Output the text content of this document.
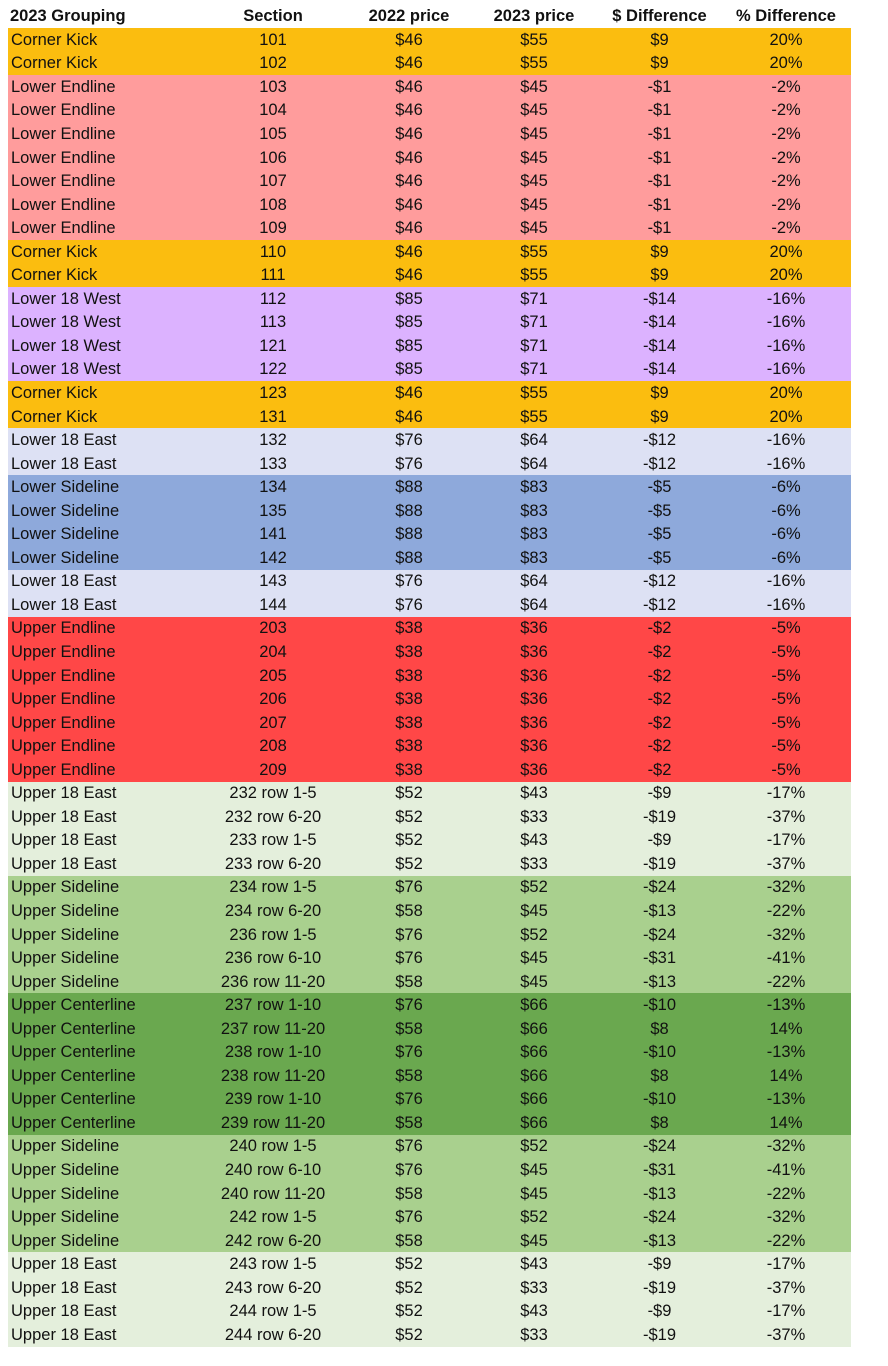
2023 Grouping	Section	2022 price	2023 price	$ Difference	% Difference
Corner Kick	101	$46	$55	$9	20%
Corner Kick	102	$46	$55	$9	20%
Lower Endline	103	$46	$45	-$1	-2%
Lower Endline	104	$46	$45	-$1	-2%
Lower Endline	105	$46	$45	-$1	-2%
Lower Endline	106	$46	$45	-$1	-2%
Lower Endline	107	$46	$45	-$1	-2%
Lower Endline	108	$46	$45	-$1	-2%
Lower Endline	109	$46	$45	-$1	-2%
Corner Kick	110	$46	$55	$9	20%
Corner Kick	111	$46	$55	$9	20%
Lower 18 West	112	$85	$71	-$14	-16%
Lower 18 West	113	$85	$71	-$14	-16%
Lower 18 West	121	$85	$71	-$14	-16%
Lower 18 West	122	$85	$71	-$14	-16%
Corner Kick	123	$46	$55	$9	20%
Corner Kick	131	$46	$55	$9	20%
Lower 18 East	132	$76	$64	-$12	-16%
Lower 18 East	133	$76	$64	-$12	-16%
Lower Sideline	134	$88	$83	-$5	-6%
Lower Sideline	135	$88	$83	-$5	-6%
Lower Sideline	141	$88	$83	-$5	-6%
Lower Sideline	142	$88	$83	-$5	-6%
Lower 18 East	143	$76	$64	-$12	-16%
Lower 18 East	144	$76	$64	-$12	-16%
Upper Endline	203	$38	$36	-$2	-5%
Upper Endline	204	$38	$36	-$2	-5%
Upper Endline	205	$38	$36	-$2	-5%
Upper Endline	206	$38	$36	-$2	-5%
Upper Endline	207	$38	$36	-$2	-5%
Upper Endline	208	$38	$36	-$2	-5%
Upper Endline	209	$38	$36	-$2	-5%
Upper 18 East	232 row 1-5	$52	$43	-$9	-17%
Upper 18 East	232 row 6-20	$52	$33	-$19	-37%
Upper 18 East	233 row 1-5	$52	$43	-$9	-17%
Upper 18 East	233 row 6-20	$52	$33	-$19	-37%
Upper Sideline	234 row 1-5	$76	$52	-$24	-32%
Upper Sideline	234 row 6-20	$58	$45	-$13	-22%
Upper Sideline	236 row 1-5	$76	$52	-$24	-32%
Upper Sideline	236 row 6-10	$76	$45	-$31	-41%
Upper Sideline	236 row 11-20	$58	$45	-$13	-22%
Upper Centerline	237 row 1-10	$76	$66	-$10	-13%
Upper Centerline	237 row 11-20	$58	$66	$8	14%
Upper Centerline	238 row 1-10	$76	$66	-$10	-13%
Upper Centerline	238 row 11-20	$58	$66	$8	14%
Upper Centerline	239 row 1-10	$76	$66	-$10	-13%
Upper Centerline	239 row 11-20	$58	$66	$8	14%
Upper Sideline	240 row 1-5	$76	$52	-$24	-32%
Upper Sideline	240 row 6-10	$76	$45	-$31	-41%
Upper Sideline	240 row 11-20	$58	$45	-$13	-22%
Upper Sideline	242 row 1-5	$76	$52	-$24	-32%
Upper Sideline	242 row 6-20	$58	$45	-$13	-22%
Upper 18 East	243 row 1-5	$52	$43	-$9	-17%
Upper 18 East	243 row 6-20	$52	$33	-$19	-37%
Upper 18 East	244 row 1-5	$52	$43	-$9	-17%
Upper 18 East	244 row 6-20	$52	$33	-$19	-37%
